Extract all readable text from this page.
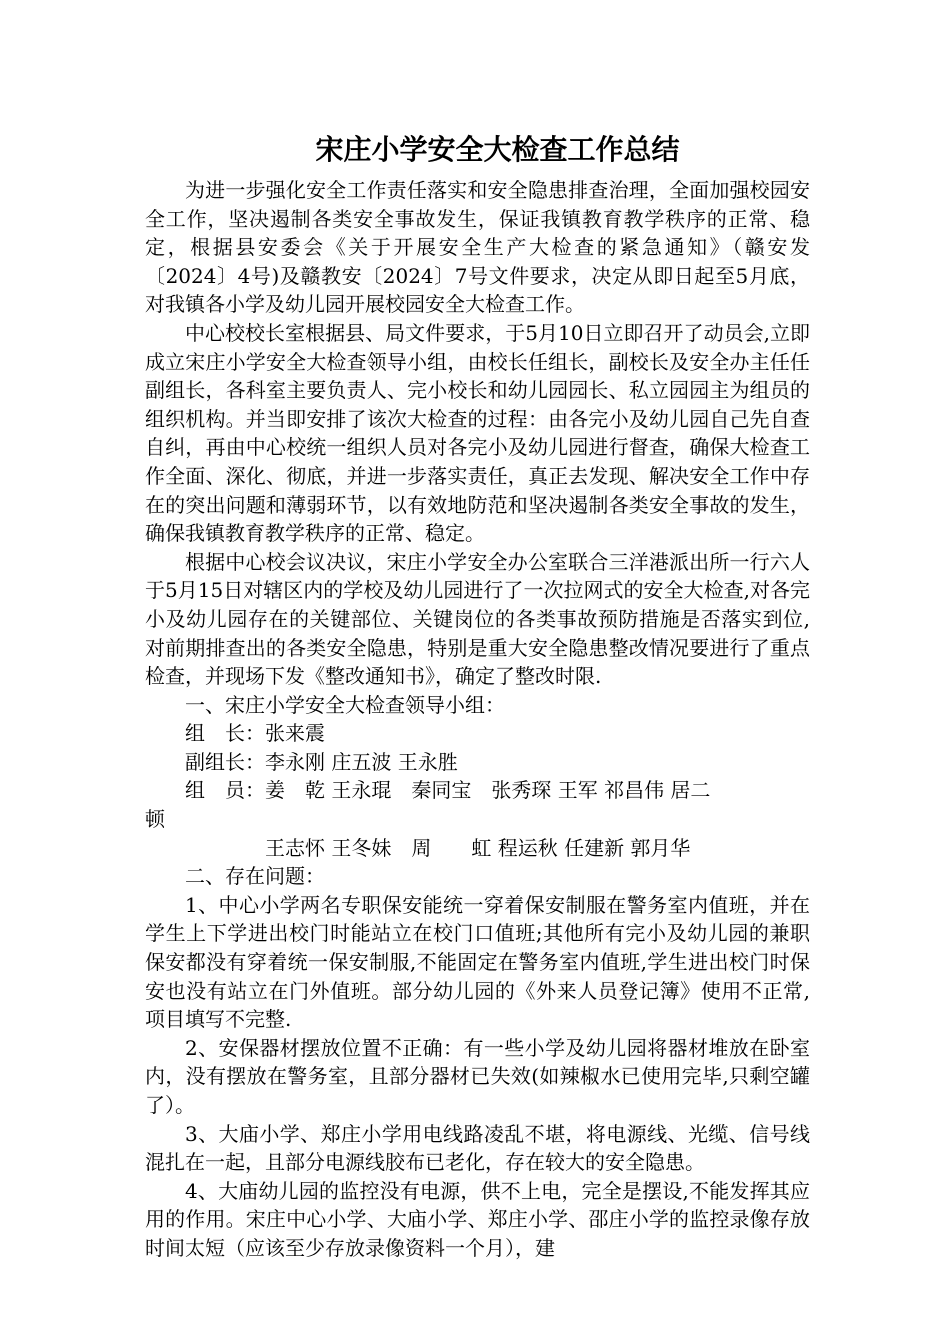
宋庄小学安全大检查工作总结

为进一步强化安全工作责任落实和安全隐患排查治理，全面加强校园安全工作，坚决遏制各类安全事故发生，保证我镇教育教学秩序的正常、稳定，根据县安委会《关于开展安全生产大检查的紧急通知》（赣安发〔2024〕4号)及赣教安〔2024〕7号文件要求，决定从即日起至5月底，对我镇各小学及幼儿园开展校园安全大检查工作。

中心校校长室根据县、局文件要求，于5月10日立即召开了动员会,立即成立宋庄小学安全大检查领导小组，由校长任组长，副校长及安全办主任任副组长，各科室主要负责人、完小校长和幼儿园园长、私立园园主为组员的组织机构。并当即安排了该次大检查的过程：由各完小及幼儿园自己先自查自纠，再由中心校统一组织人员对各完小及幼儿园进行督查，确保大检查工作全面、深化、彻底，并进一步落实责任，真正去发现、解决安全工作中存在的突出问题和薄弱环节，以有效地防范和坚决遏制各类安全事故的发生，确保我镇教育教学秩序的正常、稳定。

根据中心校会议决议，宋庄小学安全办公室联合三洋港派出所一行六人于5月15日对辖区内的学校及幼儿园进行了一次拉网式的安全大检查,对各完小及幼儿园存在的关键部位、关键岗位的各类事故预防措施是否落实到位,对前期排查出的各类安全隐患，特别是重大安全隐患整改情况要进行了重点检查，并现场下发《整改通知书》，确定了整改时限.

一、宋庄小学安全大检查领导小组：

组　长：张来震

副组长：李永刚 庄五波 王永胜

组　员：姜　乾 王永琨　秦同宝　张秀琛 王军 祁昌伟 居二

顿

王志怀 王冬妹　周　　虹 程运秋 任建新 郭月华

二、存在问题：

1、中心小学两名专职保安能统一穿着保安制服在警务室内值班，并在学生上下学进出校门时能站立在校门口值班;其他所有完小及幼儿园的兼职保安都没有穿着统一保安制服,不能固定在警务室内值班,学生进出校门时保安也没有站立在门外值班。部分幼儿园的《外来人员登记簿》使用不正常,项目填写不完整.

2、安保器材摆放位置不正确：有一些小学及幼儿园将器材堆放在卧室内，没有摆放在警务室，且部分器材已失效(如辣椒水已使用完毕,只剩空罐了）。

3、大庙小学、郑庄小学用电线路凌乱不堪，将电源线、光缆、信号线混扎在一起，且部分电源线胶布已老化，存在较大的安全隐患。

4、大庙幼儿园的监控没有电源，供不上电，完全是摆设,不能发挥其应用的作用。宋庄中心小学、大庙小学、郑庄小学、邵庄小学的监控录像存放时间太短（应该至少存放录像资料一个月），建
